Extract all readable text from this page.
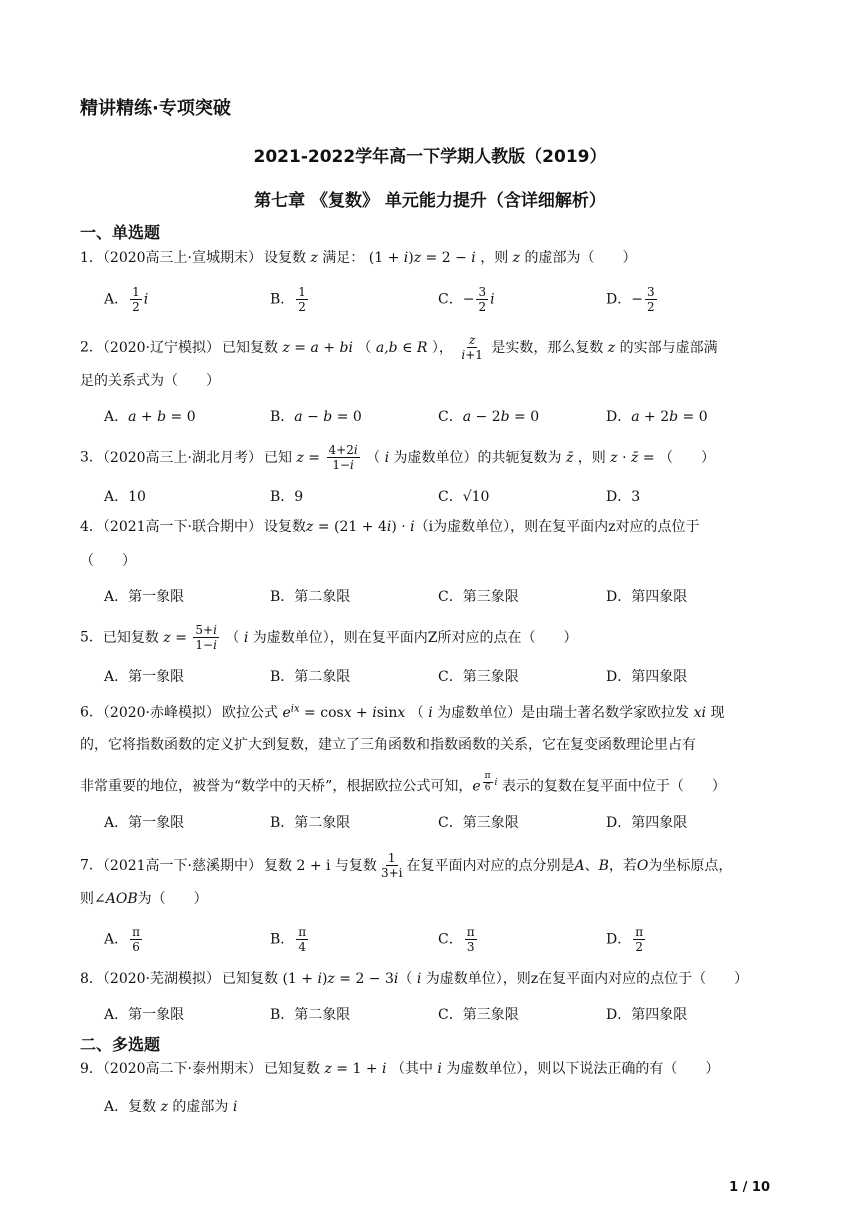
精讲精练·专项突破
2021-2022学年高一下学期人教版（2019）
第七章 《复数》 单元能力提升（含详细解析）
一、单选题
1．（2020高三上·宣城期末） 设复数 z 满足： (1 + i)z = 2 − i ，则 z 的虚部为（　　）
A． $\frac{1}{2}$ i	B． $\frac{1}{2}$	C．− $\frac{3}{2}$ i	D．− $\frac{3}{2}$
2．（2020·辽宁模拟） 已知复数 z = a + bi （ a,b ∈ R ）， $\frac{z}{i+1}$ 是实数，那么复数 z 的实部与虚部满
足的关系式为（　　）
A．a + b = 0	B．a − b = 0	C．a − 2b = 0	D．a + 2b = 0
3．（2020高三上·湖北月考） 已知 $z = \frac{4+2i}{1-i}$ （ i 为虚数单位）的共轭复数为 z̄ ，则 z · z̄ = （　　）
A．10	B．9	C．√10	D．3
4．（2021高一下·联合期中） 设复数z = (21 + 4i) · i（i为虚数单位），则在复平面内z对应的点位于
（　　）
A．第一象限	B．第二象限	C．第三象限	D．第四象限
5．已知复数 $z = \frac{5+i}{1-i}$ （ i 为虚数单位），则在复平面内Z所对应的点在（　　）
A．第一象限	B．第二象限	C．第三象限	D．第四象限
6．（2020·赤峰模拟） 欧拉公式 $e^{ix} = \cos x + isinx$ （ i 为虚数单位）是由瑞士著名数学家欧拉发 xi 现
的，它将指数函数的定义扩大到复数，建立了三角函数和指数函数的关系，它在复变函数理论里占有
非常重要的地位，被誉为“数学中的天桥”，根据欧拉公式可知，e $^{\frac{\pi}{6} i}$ 表示的复数在复平面中位于（　　）
A．第一象限	B．第二象限	C．第三象限	D．第四象限
7．（2021高一下·慈溪期中） 复数 2 + i 与复数 $\frac{1}{3+i}$ 在复平面内对应的点分别是A、B，若O为坐标原点，
则∠AOB为（　　）
A． $\frac{\pi}{6}$	B． $\frac{\pi}{4}$	C． $\frac{\pi}{3}$	D． $\frac{\pi}{2}$
8．（2020·芜湖模拟） 已知复数 (1 + i)z = 2 − 3i（ i 为虚数单位），则z在复平面内对应的点位于（　　）
A．第一象限	B．第二象限	C．第三象限	D．第四象限
二、多选题
9．（2020高二下·泰州期末） 已知复数 z = 1 + i （其中 i 为虚数单位），则以下说法正确的有（　　）
A．复数 z 的虚部为 i
1 / 10
